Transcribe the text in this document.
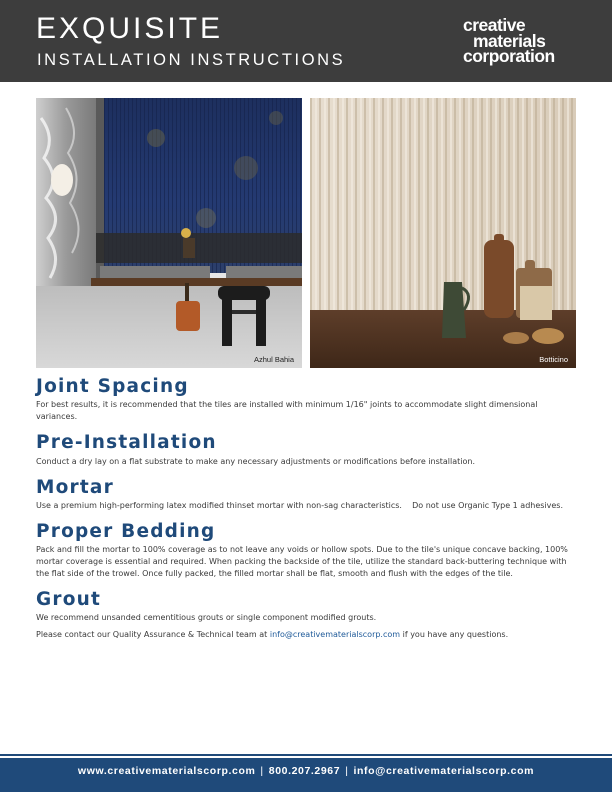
EXQUISITE
INSTALLATION INSTRUCTIONS
creative
materials
corporation
Azhul Bahia	Botticino
Joint Spacing

For best results, it is recommended that the tiles are installed with minimum 1/16" joints to accommodate slight dimensional variances.

Pre-Installation

Conduct a dry lay on a flat substrate to make any necessary adjustments or modifications before installation.

Mortar

Use a premium high-performing latex modified thinset mortar with non-sag characteristics.    Do not use Organic Type 1 adhesives.

Proper Bedding

Pack and fill the mortar to 100% coverage as to not leave any voids or hollow spots. Due to the tile's unique concave backing, 100% mortar coverage is essential and required. When packing the backside of the tile, utilize the standard back-buttering technique with the flat side of the trowel. Once fully packed, the filled mortar shall be flat, smooth and flush with the edges of the tile.

Grout

We recommend unsanded cementitious grouts or single component modified grouts.

Please contact our Quality Assurance & Technical team at info@creativematerialscorp.com if you have any questions.

www.creativematerialscorp.com | 800.207.2967 | info@creativematerialscorp.com
